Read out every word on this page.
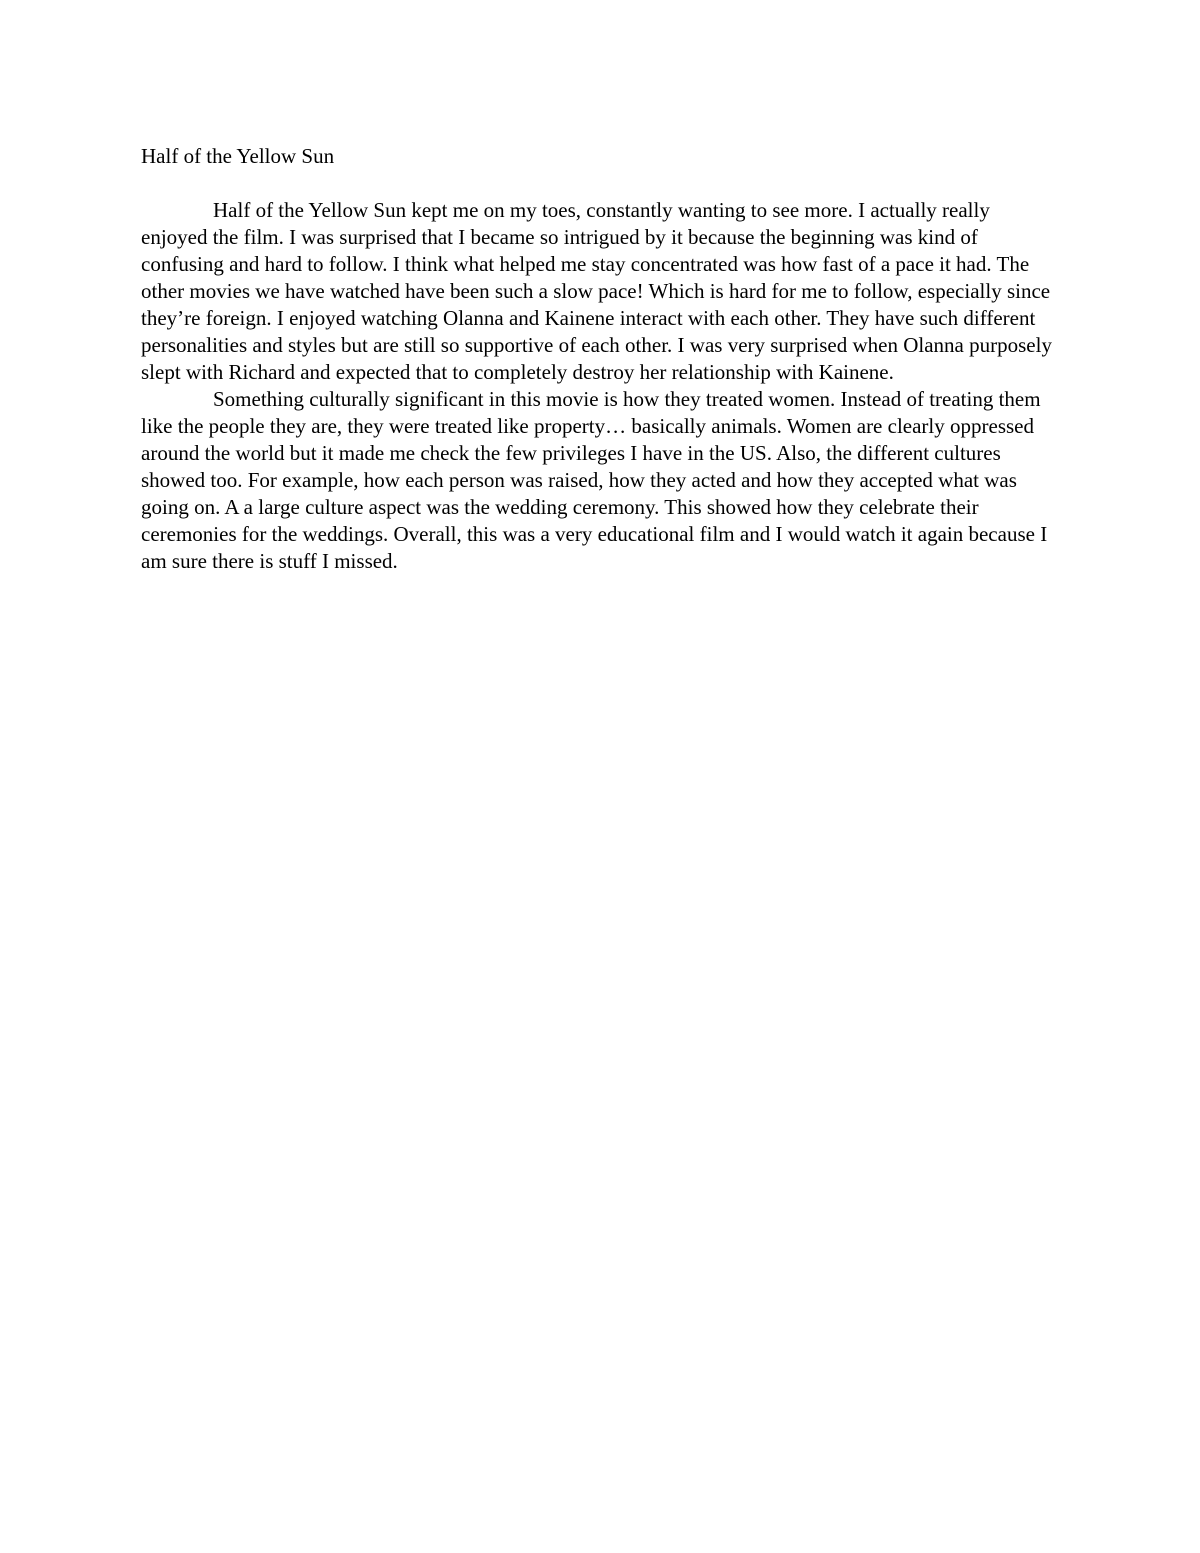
Half of the Yellow Sun

Half of the Yellow Sun kept me on my toes, constantly wanting to see more. I actually really enjoyed the film. I was surprised that I became so intrigued by it because the beginning was kind of confusing and hard to follow. I think what helped me stay concentrated was how fast of a pace it had. The other movies we have watched have been such a slow pace! Which is hard for me to follow, especially since they’re foreign. I enjoyed watching Olanna and Kainene interact with each other. They have such different personalities and styles but are still so supportive of each other. I was very surprised when Olanna purposely slept with Richard and expected that to completely destroy her relationship with Kainene.

Something culturally significant in this movie is how they treated women. Instead of treating them like the people they are, they were treated like property… basically animals. Women are clearly oppressed around the world but it made me check the few privileges I have in the US. Also, the different cultures showed too. For example, how each person was raised, how they acted and how they accepted what was going on. A a large culture aspect was the wedding ceremony. This showed how they celebrate their ceremonies for the weddings. Overall, this was a very educational film and I would watch it again because I am sure there is stuff I missed.
